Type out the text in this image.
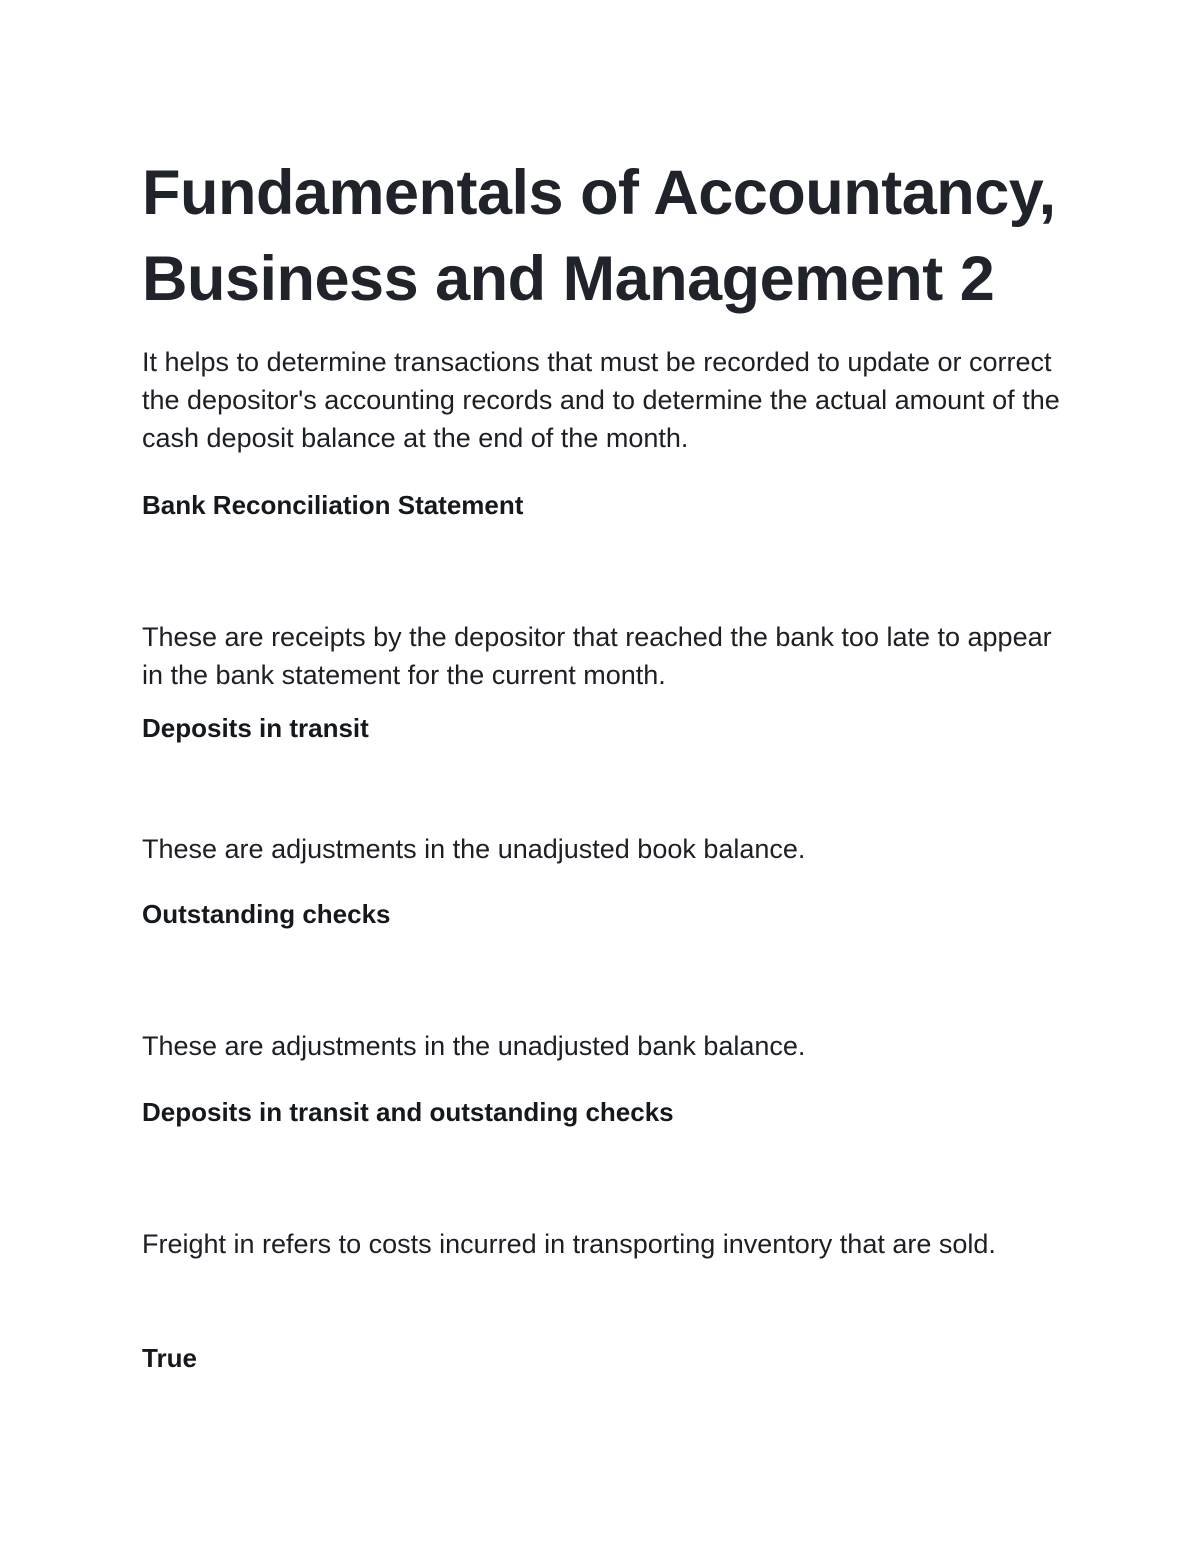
Fundamentals of Accountancy, Business and Management 2

It helps to determine transactions that must be recorded to update or correct the depositor's accounting records and to determine the actual amount of the cash deposit balance at the end of the month.

Bank Reconciliation Statement

These are receipts by the depositor that reached the bank too late to appear in the bank statement for the current month.

Deposits in transit

These are adjustments in the unadjusted book balance.

Outstanding checks

These are adjustments in the unadjusted bank balance.

Deposits in transit and outstanding checks

Freight in refers to costs incurred in transporting inventory that are sold.

True
